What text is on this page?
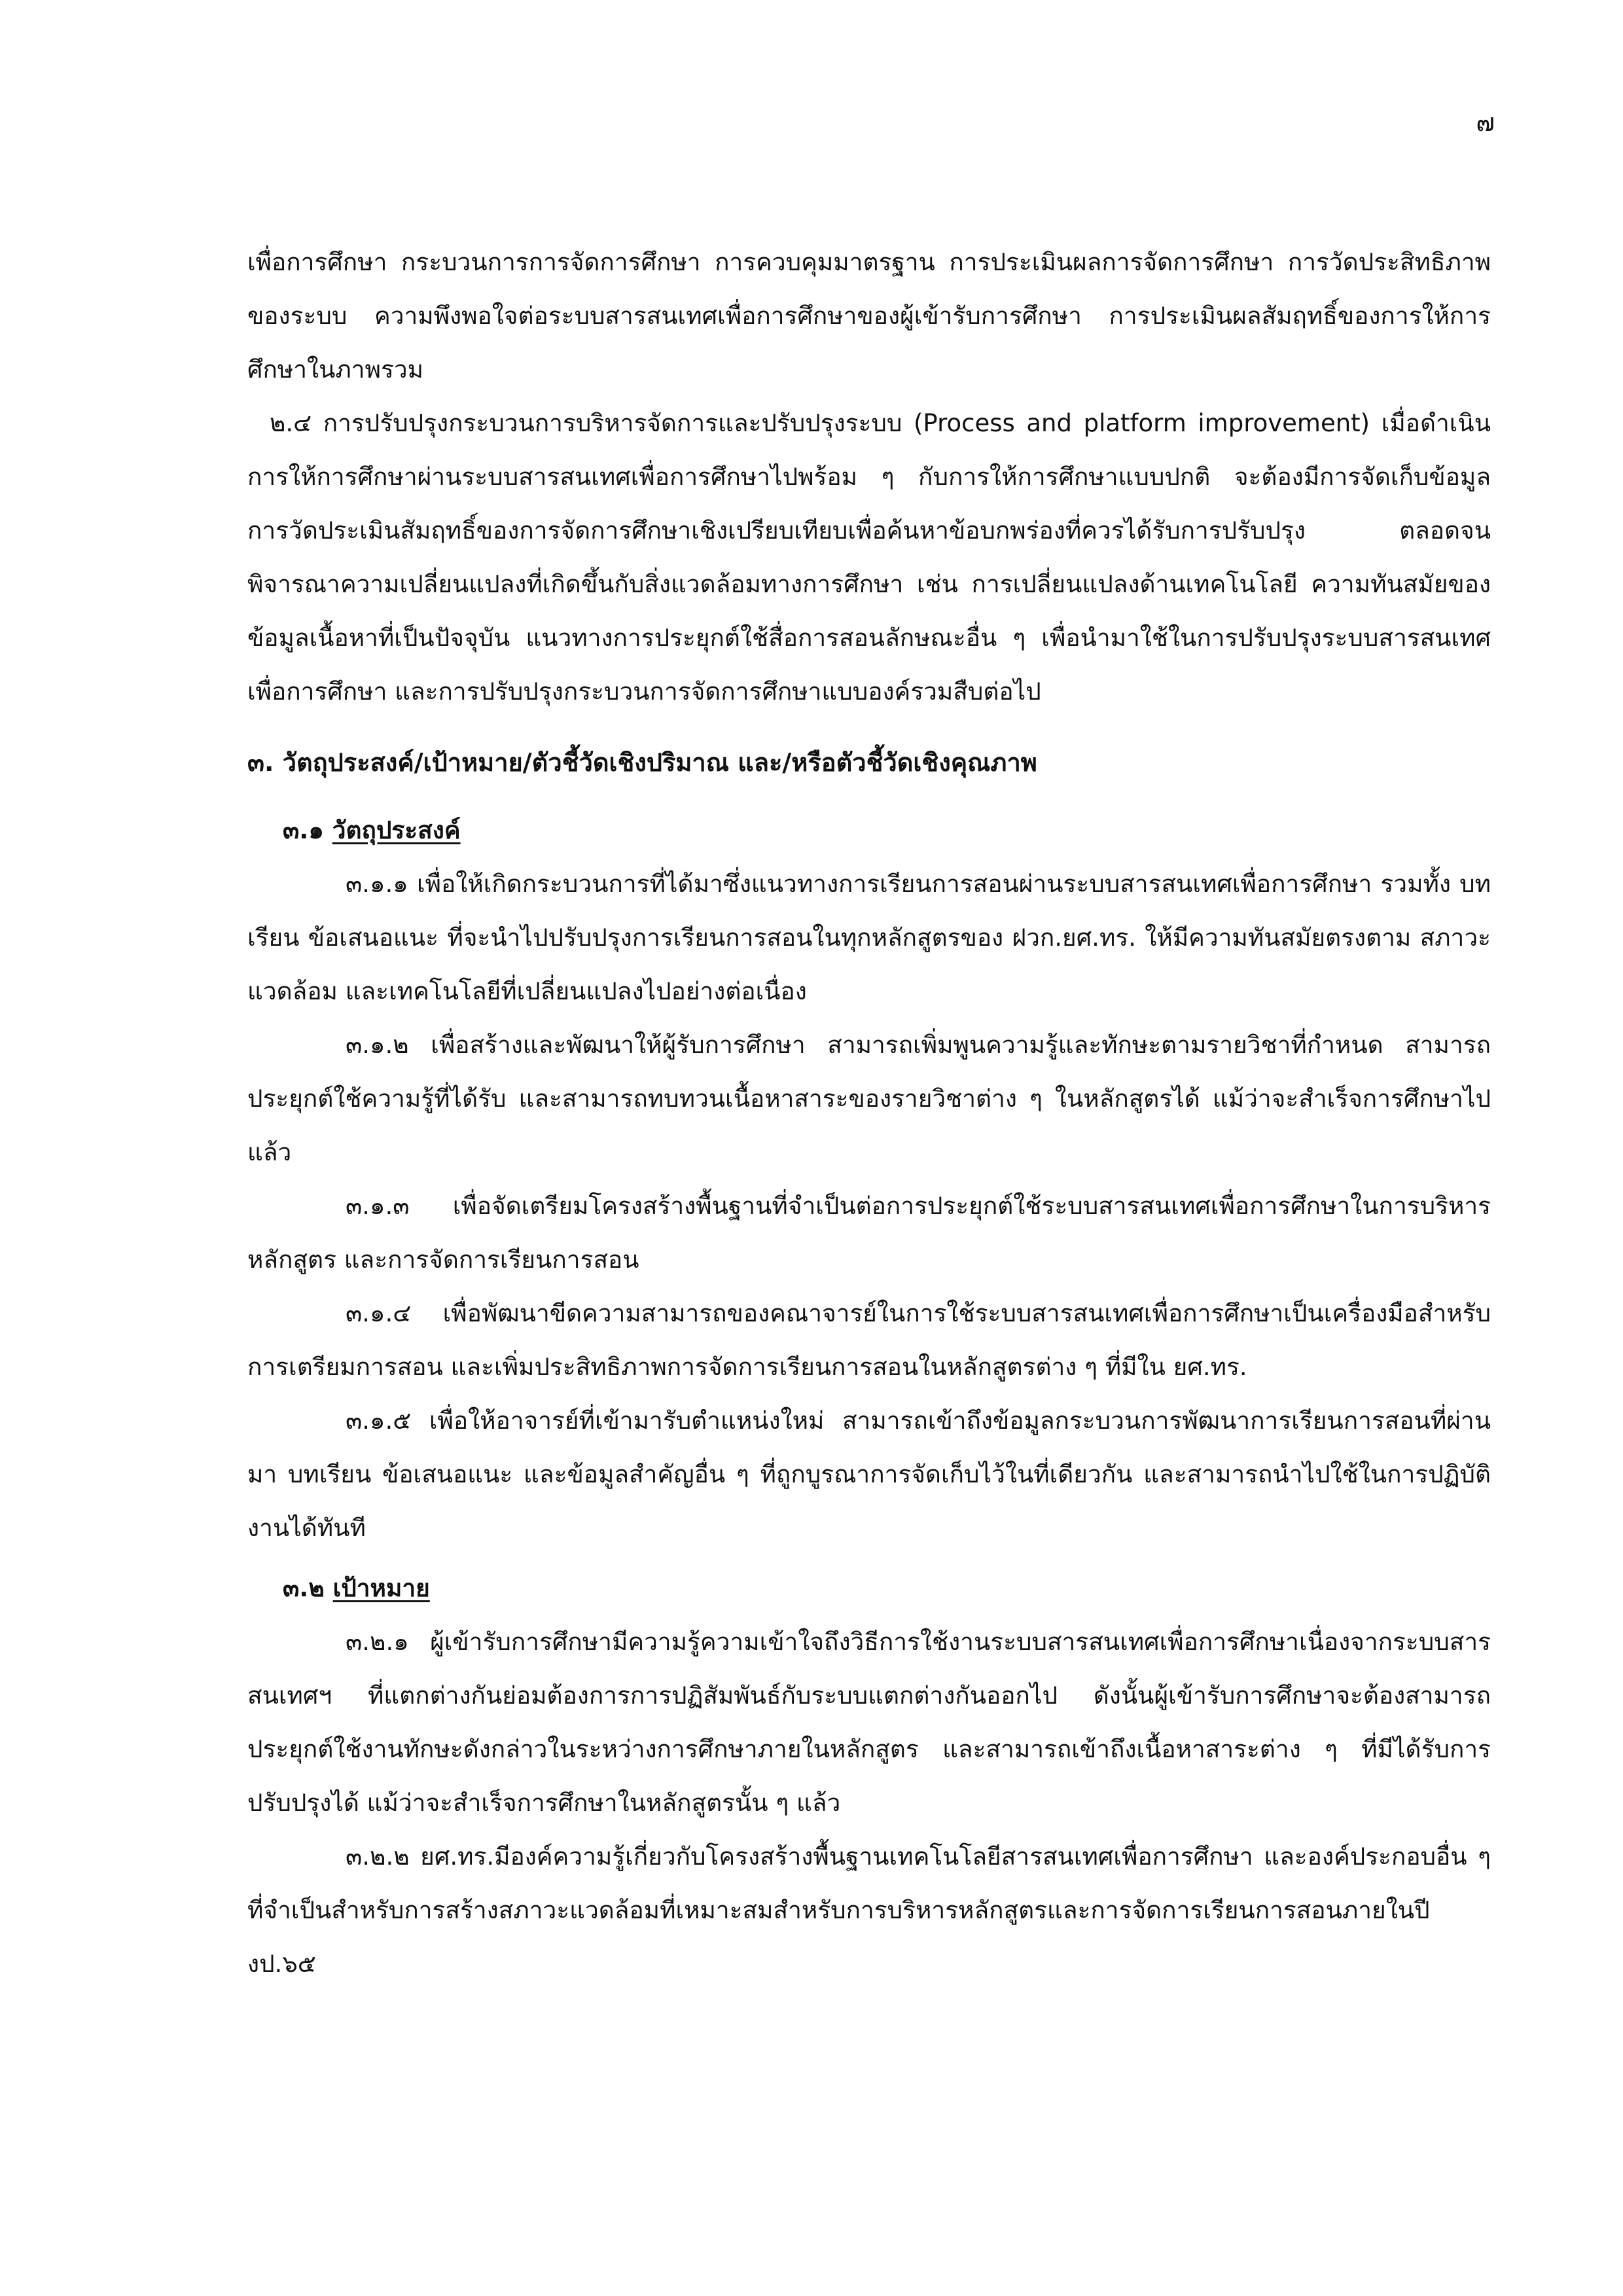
๗

เพื่อการศึกษา กระบวนการการจัดการศึกษา การควบคุมมาตรฐาน การประเมินผลการจัดการศึกษา การวัดประสิทธิภาพของระบบ ความพึงพอใจต่อระบบสารสนเทศเพื่อการศึกษาของผู้เข้ารับการศึกษา การประเมินผลสัมฤทธิ์ของการให้การศึกษาในภาพรวม

๒.๔ การปรับปรุงกระบวนการบริหารจัดการและปรับปรุงระบบ (Process and platform improvement) เมื่อดำเนินการให้การศึกษาผ่านระบบสารสนเทศเพื่อการศึกษาไปพร้อม ๆ กับการให้การศึกษาแบบปกติ จะต้องมีการจัดเก็บข้อมูล การวัดประเมินสัมฤทธิ์ของการจัดการศึกษาเชิงเปรียบเทียบเพื่อค้นหาข้อบกพร่องที่ควรได้รับการปรับปรุง ตลอดจนพิจารณาความเปลี่ยนแปลงที่เกิดขึ้นกับสิ่งแวดล้อมทางการศึกษา เช่น การเปลี่ยนแปลงด้านเทคโนโลยี ความทันสมัยของข้อมูลเนื้อหาที่เป็นปัจจุบัน แนวทางการประยุกต์ใช้สื่อการสอนลักษณะอื่น ๆ เพื่อนำมาใช้ในการปรับปรุงระบบสารสนเทศเพื่อการศึกษา และการปรับปรุงกระบวนการจัดการศึกษาแบบองค์รวมสืบต่อไป

๓. วัตถุประสงค์/เป้าหมาย/ตัวชี้วัดเชิงปริมาณ และ/หรือตัวชี้วัดเชิงคุณภาพ

๓.๑ วัตถุประสงค์

๓.๑.๑ เพื่อให้เกิดกระบวนการที่ได้มาซึ่งแนวทางการเรียนการสอนผ่านระบบสารสนเทศเพื่อการศึกษา รวมทั้ง บทเรียน ข้อเสนอแนะ ที่จะนำไปปรับปรุงการเรียนการสอนในทุกหลักสูตรของ ฝวก.ยศ.ทร. ให้มีความทันสมัยตรงตาม สภาวะแวดล้อม และเทคโนโลยีที่เปลี่ยนแปลงไปอย่างต่อเนื่อง

๓.๑.๒ เพื่อสร้างและพัฒนาให้ผู้รับการศึกษา สามารถเพิ่มพูนความรู้และทักษะตามรายวิชาที่กำหนด สามารถประยุกต์ใช้ความรู้ที่ได้รับ และสามารถทบทวนเนื้อหาสาระของรายวิชาต่าง ๆ ในหลักสูตรได้ แม้ว่าจะสำเร็จการศึกษาไปแล้ว

๓.๑.๓ เพื่อจัดเตรียมโครงสร้างพื้นฐานที่จำเป็นต่อการประยุกต์ใช้ระบบสารสนเทศเพื่อการศึกษาในการบริหารหลักสูตร และการจัดการเรียนการสอน

๓.๑.๔ เพื่อพัฒนาขีดความสามารถของคณาจารย์ในการใช้ระบบสารสนเทศเพื่อการศึกษาเป็นเครื่องมือสำหรับการเตรียมการสอน และเพิ่มประสิทธิภาพการจัดการเรียนการสอนในหลักสูตรต่าง ๆ ที่มีใน ยศ.ทร.

๓.๑.๕ เพื่อให้อาจารย์ที่เข้ามารับตำแหน่งใหม่ สามารถเข้าถึงข้อมูลกระบวนการพัฒนาการเรียนการสอนที่ผ่านมา บทเรียน ข้อเสนอแนะ และข้อมูลสำคัญอื่น ๆ ที่ถูกบูรณาการจัดเก็บไว้ในที่เดียวกัน และสามารถนำไปใช้ในการปฏิบัติงานได้ทันที

๓.๒ เป้าหมาย

๓.๒.๑ ผู้เข้ารับการศึกษามีความรู้ความเข้าใจถึงวิธีการใช้งานระบบสารสนเทศเพื่อการศึกษาเนื่องจากระบบสารสนเทศฯ ที่แตกต่างกันย่อมต้องการการปฏิสัมพันธ์กับระบบแตกต่างกันออกไป ดังนั้นผู้เข้ารับการศึกษาจะต้องสามารถประยุกต์ใช้งานทักษะดังกล่าวในระหว่างการศึกษาภายในหลักสูตร และสามารถเข้าถึงเนื้อหาสาระต่าง ๆ ที่มีได้รับการปรับปรุงได้ แม้ว่าจะสำเร็จการศึกษาในหลักสูตรนั้น ๆ แล้ว

๓.๒.๒ ยศ.ทร.มีองค์ความรู้เกี่ยวกับโครงสร้างพื้นฐานเทคโนโลยีสารสนเทศเพื่อการศึกษา และองค์ประกอบอื่น ๆ ที่จำเป็นสำหรับการสร้างสภาวะแวดล้อมที่เหมาะสมสำหรับการบริหารหลักสูตรและการจัดการเรียนการสอนภายในปี งป.๖๕
